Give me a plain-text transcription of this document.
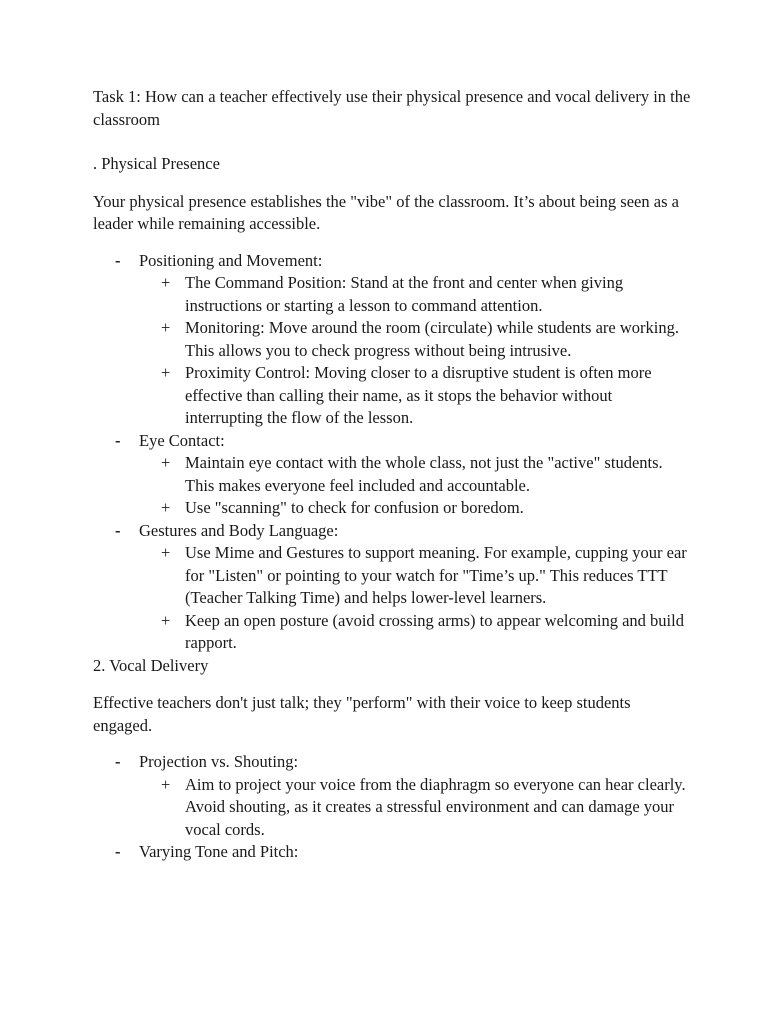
Task 1: How can a teacher effectively use their physical presence and vocal delivery in the classroom

. Physical Presence

Your physical presence establishes the "vibe" of the classroom. It’s about being seen as a leader while remaining accessible.

- Positioning and Movement:
+ The Command Position: Stand at the front and center when giving instructions or starting a lesson to command attention.
+ Monitoring: Move around the room (circulate) while students are working. This allows you to check progress without being intrusive.
+ Proximity Control: Moving closer to a disruptive student is often more effective than calling their name, as it stops the behavior without interrupting the flow of the lesson.
- Eye Contact:
+ Maintain eye contact with the whole class, not just the "active" students. This makes everyone feel included and accountable.
+ Use "scanning" to check for confusion or boredom.
- Gestures and Body Language:
+ Use Mime and Gestures to support meaning. For example, cupping your ear for "Listen" or pointing to your watch for "Time’s up." This reduces TTT (Teacher Talking Time) and helps lower-level learners.
+ Keep an open posture (avoid crossing arms) to appear welcoming and build rapport.

2. Vocal Delivery

Effective teachers don't just talk; they "perform" with their voice to keep students engaged.

- Projection vs. Shouting:
+ Aim to project your voice from the diaphragm so everyone can hear clearly. Avoid shouting, as it creates a stressful environment and can damage your vocal cords.
- Varying Tone and Pitch:
